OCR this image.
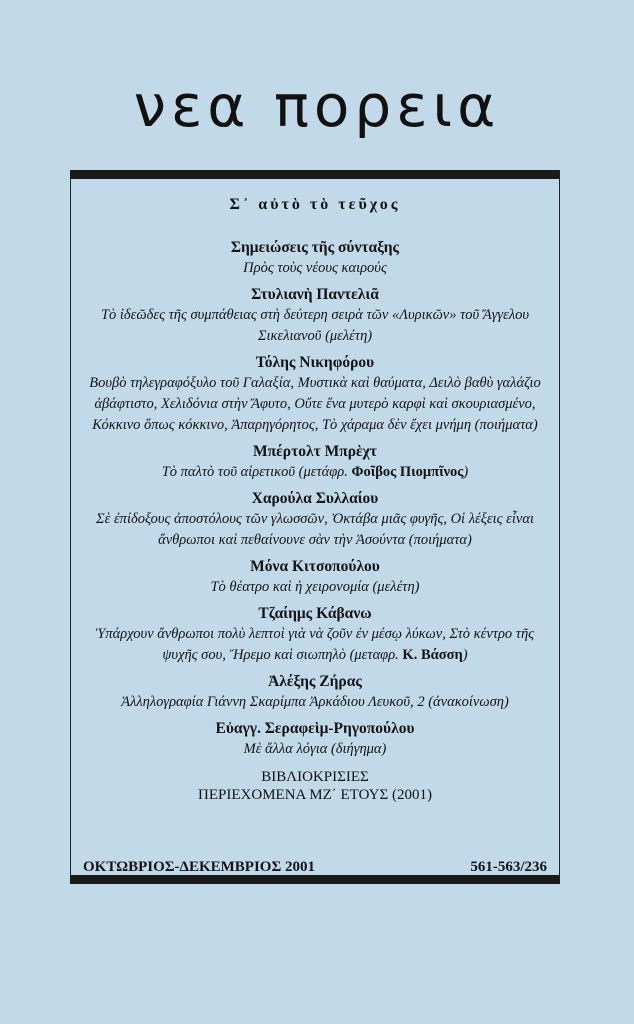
νεα πορεια
Σ᾽ αὐτὸ τὸ τεῦχος
Σημειώσεις τῆς σύνταξης
Πρὸς τοὺς νέους καιρούς
Στυλιανὴ Παντελιᾶ
Τὸ ἰδεῶδες τῆς συμπάθειας στὴ δεύτερη σειρὰ τῶν «Λυρικῶν» τοῦ Ἄγγελου Σικελιανοῦ (μελέτη)
Τόλης Νικηφόρου
Βουβὸ τηλεγραφόξυλο τοῦ Γαλαξία, Μυστικὰ καὶ θαύματα, Δειλὸ βαθὺ γαλάζιο ἀβάφτιστο, Χελιδόνια στὴν Ἄφυτο, Οὔτε ἕνα μυτερὸ καρφὶ καὶ σκουριασμένο, Κόκκινο ὅπως κόκκινο, Ἀπαρηγόρητος, Τὸ χάραμα δὲν ἔχει μνήμη (ποιήματα)
Μπέρτολτ Μπρὲχτ
Τὸ παλτὸ τοῦ αἱρετικοῦ (μετάφρ. Φοῖβος Πιομπῖνος)
Χαρούλα Συλλαίου
Σὲ ἐπίδοξους ἀποστόλους τῶν γλωσσῶν, Ὀκτάβα μιᾶς φυγῆς, Οἱ λέξεις εἶναι ἄνθρωποι καὶ πεθαίνουνε σὰν τὴν Ἀσούντα (ποιήματα)
Μόνα Κιτσοπούλου
Τὸ θέατρο καὶ ἡ χειρονομία (μελέτη)
Τζαίημς Κάβανω
Ὑπάρχουν ἄνθρωποι πολὺ λεπτοὶ γιὰ νὰ ζοῦν ἐν μέσῳ λύκων, Στὸ κέντρο τῆς ψυχῆς σου, Ἤρεμο καὶ σιωπηλὸ (μεταφρ. Κ. Βάσση)
Ἀλέξης Ζήρας
Ἀλληλογραφία Γιάννη Σκαρίμπα Ἀρκάδιου Λευκοῦ, 2 (ἀνακοίνωση)
Εὐαγγ. Σεραφεὶμ-Ρηγοπούλου
Μὲ ἄλλα λόγια (διήγημα)
ΒΙΒΛΙΟΚΡΙΣΙΕΣ
ΠΕΡΙΕΧΟΜΕΝΑ ΜΖ΄ ΕΤΟΥΣ (2001)
ΟΚΤΩΒΡΙΟΣ-ΔΕΚΕΜΒΡΙΟΣ 2001	561-563/236
